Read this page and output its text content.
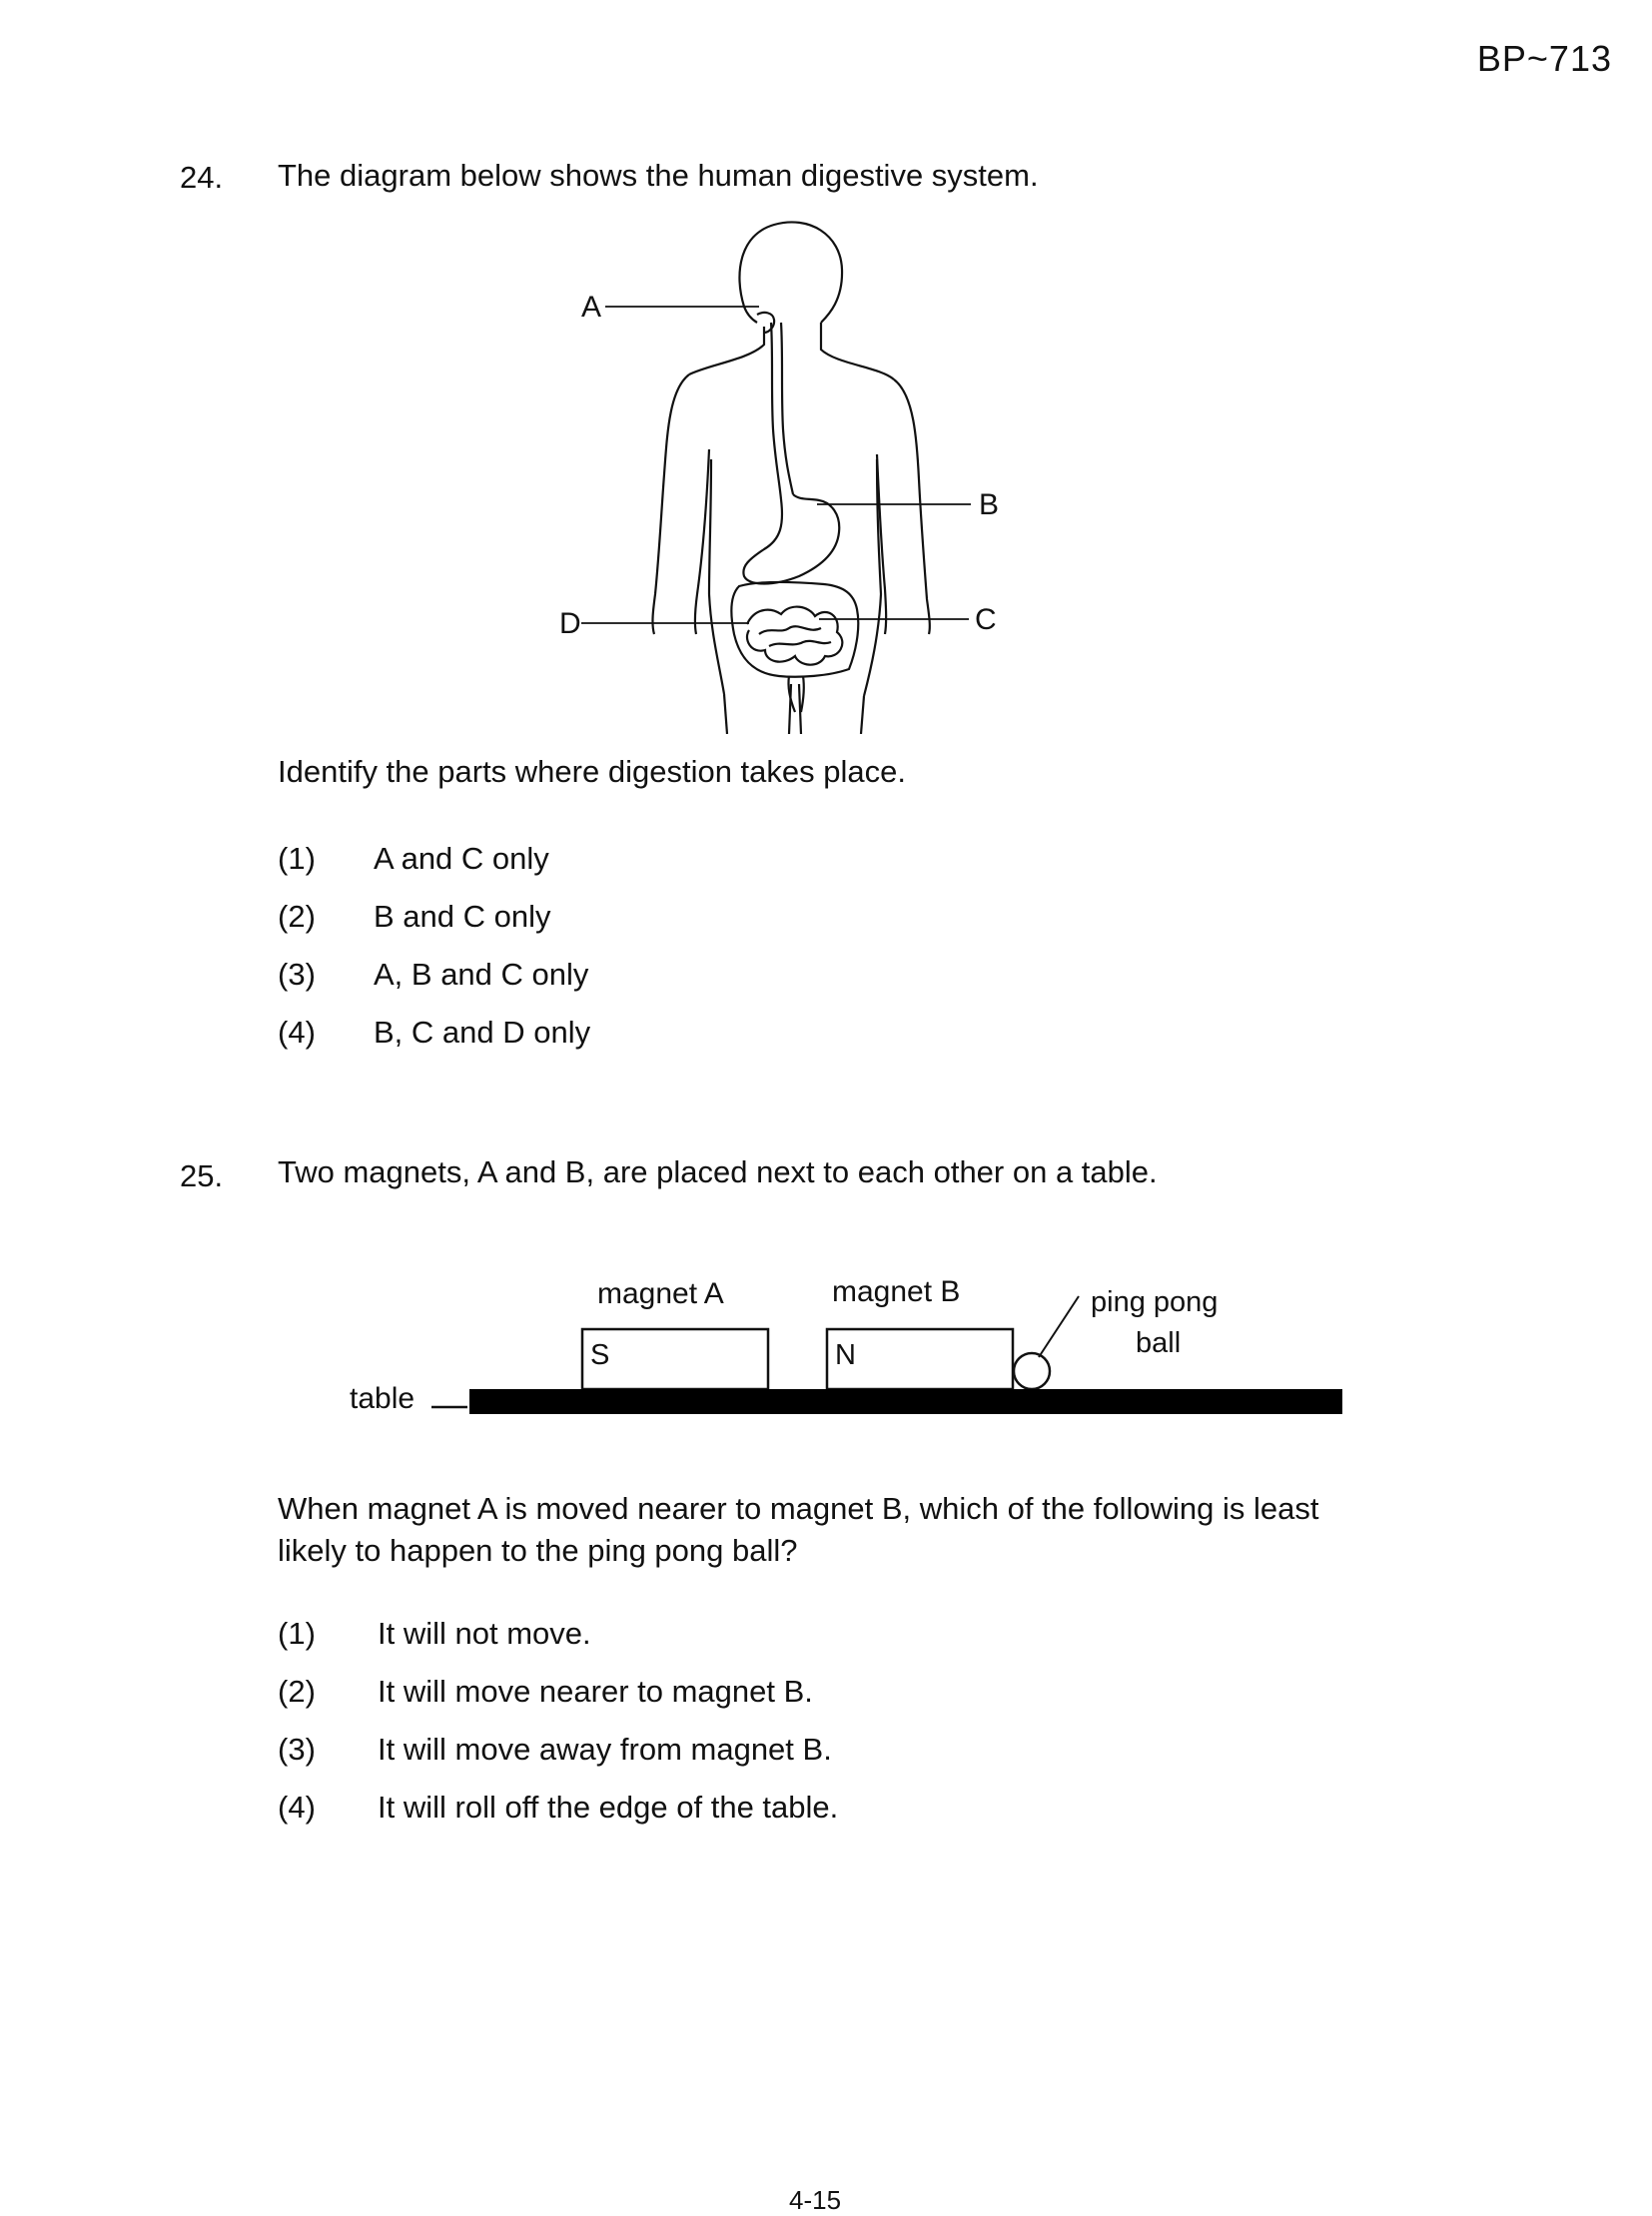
BP~713
24. The diagram below shows the human digestive system.
A
B
C
D
Identify the parts where digestion takes place.
(1) A and C only
(2) B and C only
(3) A, B and C only
(4) B, C and D only
25. Two magnets, A and B, are placed next to each other on a table.
magnet A	magnet B	ping pong
ball
table
S	N
When magnet A is moved nearer to magnet B, which of the following is least
likely to happen to the ping pong ball?
(1) It will not move.
(2) It will move nearer to magnet B.
(3) It will move away from magnet B.
(4) It will roll off the edge of the table.
4-15
